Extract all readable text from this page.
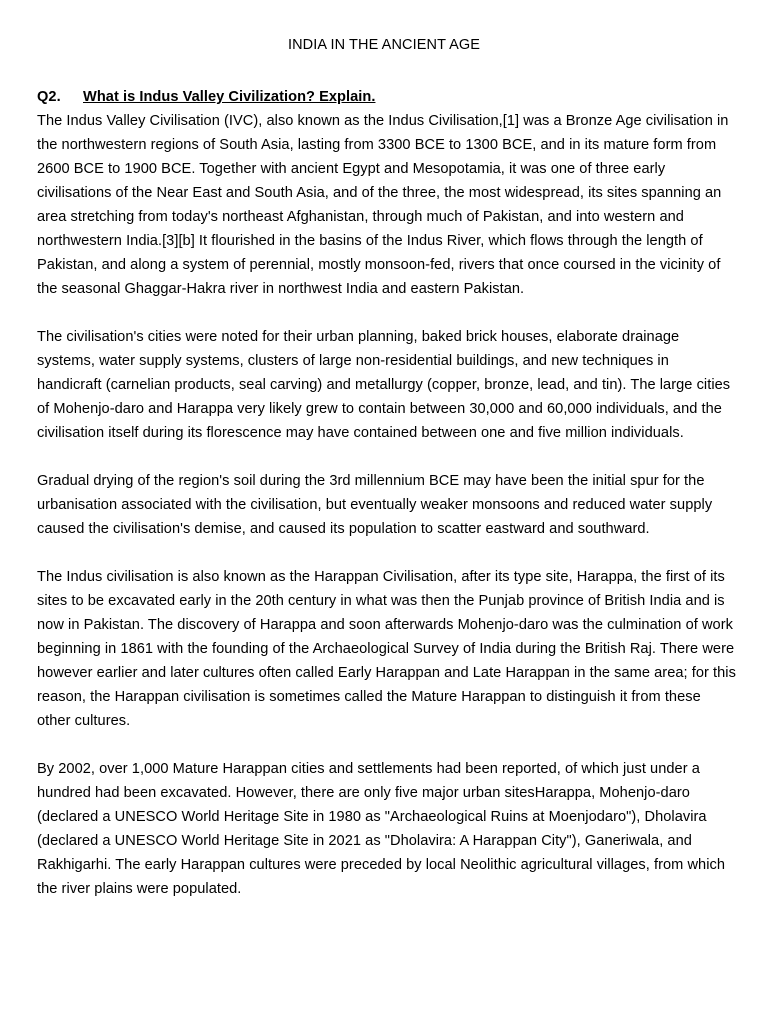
INDIA IN THE ANCIENT AGE

Q2. What is Indus Valley Civilization? Explain.

The Indus Valley Civilisation (IVC), also known as the Indus Civilisation,[1] was a Bronze Age civilisation in the northwestern regions of South Asia, lasting from 3300 BCE to 1300 BCE, and in its mature form from 2600 BCE to 1900 BCE. Together with ancient Egypt and Mesopotamia, it was one of three early civilisations of the Near East and South Asia, and of the three, the most widespread, its sites spanning an area stretching from today's northeast Afghanistan, through much of Pakistan, and into western and northwestern India.[3][b] It flourished in the basins of the Indus River, which flows through the length of Pakistan, and along a system of perennial, mostly monsoon-fed, rivers that once coursed in the vicinity of the seasonal Ghaggar-Hakra river in northwest India and eastern Pakistan.

The civilisation's cities were noted for their urban planning, baked brick houses, elaborate drainage systems, water supply systems, clusters of large non-residential buildings, and new techniques in handicraft (carnelian products, seal carving) and metallurgy (copper, bronze, lead, and tin). The large cities of Mohenjo-daro and Harappa very likely grew to contain between 30,000 and 60,000 individuals, and the civilisation itself during its florescence may have contained between one and five million individuals.

Gradual drying of the region's soil during the 3rd millennium BCE may have been the initial spur for the urbanisation associated with the civilisation, but eventually weaker monsoons and reduced water supply caused the civilisation's demise, and caused its population to scatter eastward and southward.

The Indus civilisation is also known as the Harappan Civilisation, after its type site, Harappa, the first of its sites to be excavated early in the 20th century in what was then the Punjab province of British India and is now in Pakistan. The discovery of Harappa and soon afterwards Mohenjo-daro was the culmination of work beginning in 1861 with the founding of the Archaeological Survey of India during the British Raj. There were however earlier and later cultures often called Early Harappan and Late Harappan in the same area; for this reason, the Harappan civilisation is sometimes called the Mature Harappan to distinguish it from these other cultures.

By 2002, over 1,000 Mature Harappan cities and settlements had been reported, of which just under a hundred had been excavated. However, there are only five major urban sitesHarappa, Mohenjo-daro (declared a UNESCO World Heritage Site in 1980 as "Archaeological Ruins at Moenjodaro"), Dholavira (declared a UNESCO World Heritage Site in 2021 as "Dholavira: A Harappan City"), Ganeriwala, and Rakhigarhi. The early Harappan cultures were preceded by local Neolithic agricultural villages, from which the river plains were populated.
